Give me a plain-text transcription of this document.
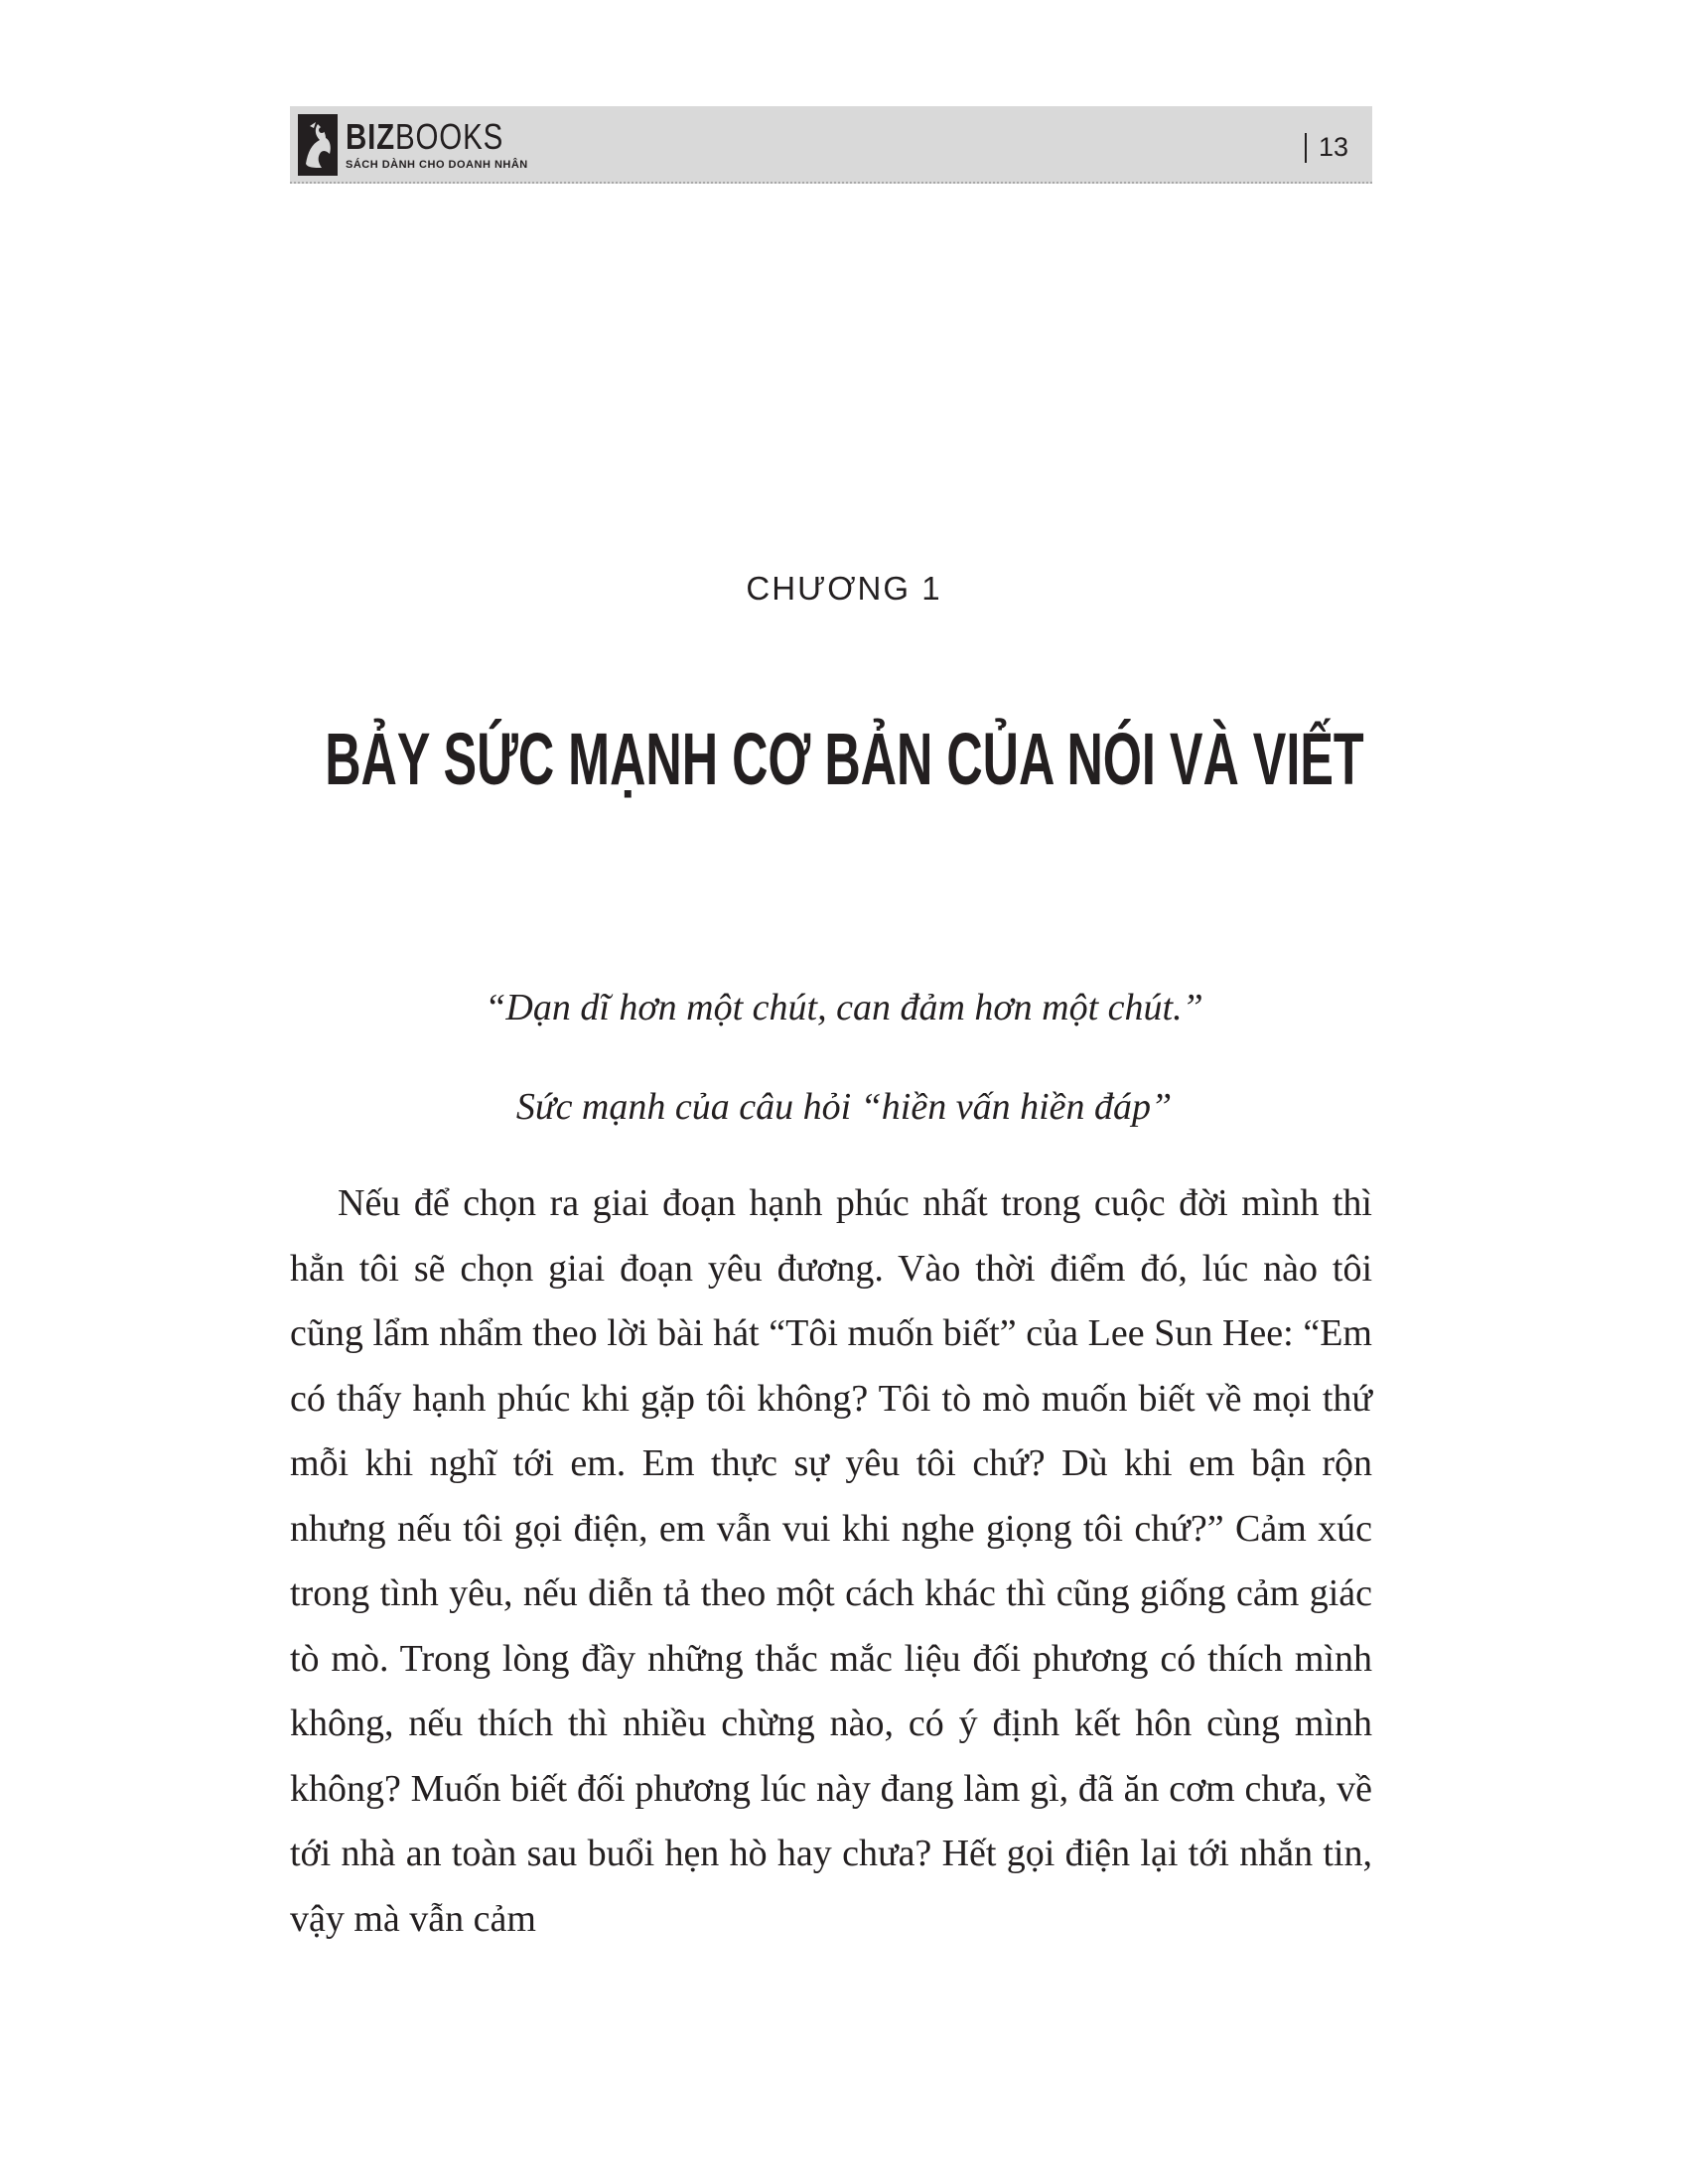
BIZBOOKS
SÁCH DÀNH CHO DOANH NHÂN
13
CHƯƠNG 1
BẢY SỨC MẠNH CƠ BẢN CỦA NÓI VÀ VIẾT
“Dạn dĩ hơn một chút, can đảm hơn một chút.”
Sức mạnh của câu hỏi “hiền vấn hiền đáp”

Nếu để chọn ra giai đoạn hạnh phúc nhất trong cuộc đời mình thì hẳn tôi sẽ chọn giai đoạn yêu đương. Vào thời điểm đó, lúc nào tôi cũng lẩm nhẩm theo lời bài hát “Tôi muốn biết” của Lee Sun Hee: “Em có thấy hạnh phúc khi gặp tôi không? Tôi tò mò muốn biết về mọi thứ mỗi khi nghĩ tới em. Em thực sự yêu tôi chứ? Dù khi em bận rộn nhưng nếu tôi gọi điện, em vẫn vui khi nghe giọng tôi chứ?” Cảm xúc trong tình yêu, nếu diễn tả theo một cách khác thì cũng giống cảm giác tò mò. Trong lòng đầy những thắc mắc liệu đối phương có thích mình không, nếu thích thì nhiều chừng nào, có ý định kết hôn cùng mình không? Muốn biết đối phương lúc này đang làm gì, đã ăn cơm chưa, về tới nhà an toàn sau buổi hẹn hò hay chưa? Hết gọi điện lại tới nhắn tin, vậy mà vẫn cảm
